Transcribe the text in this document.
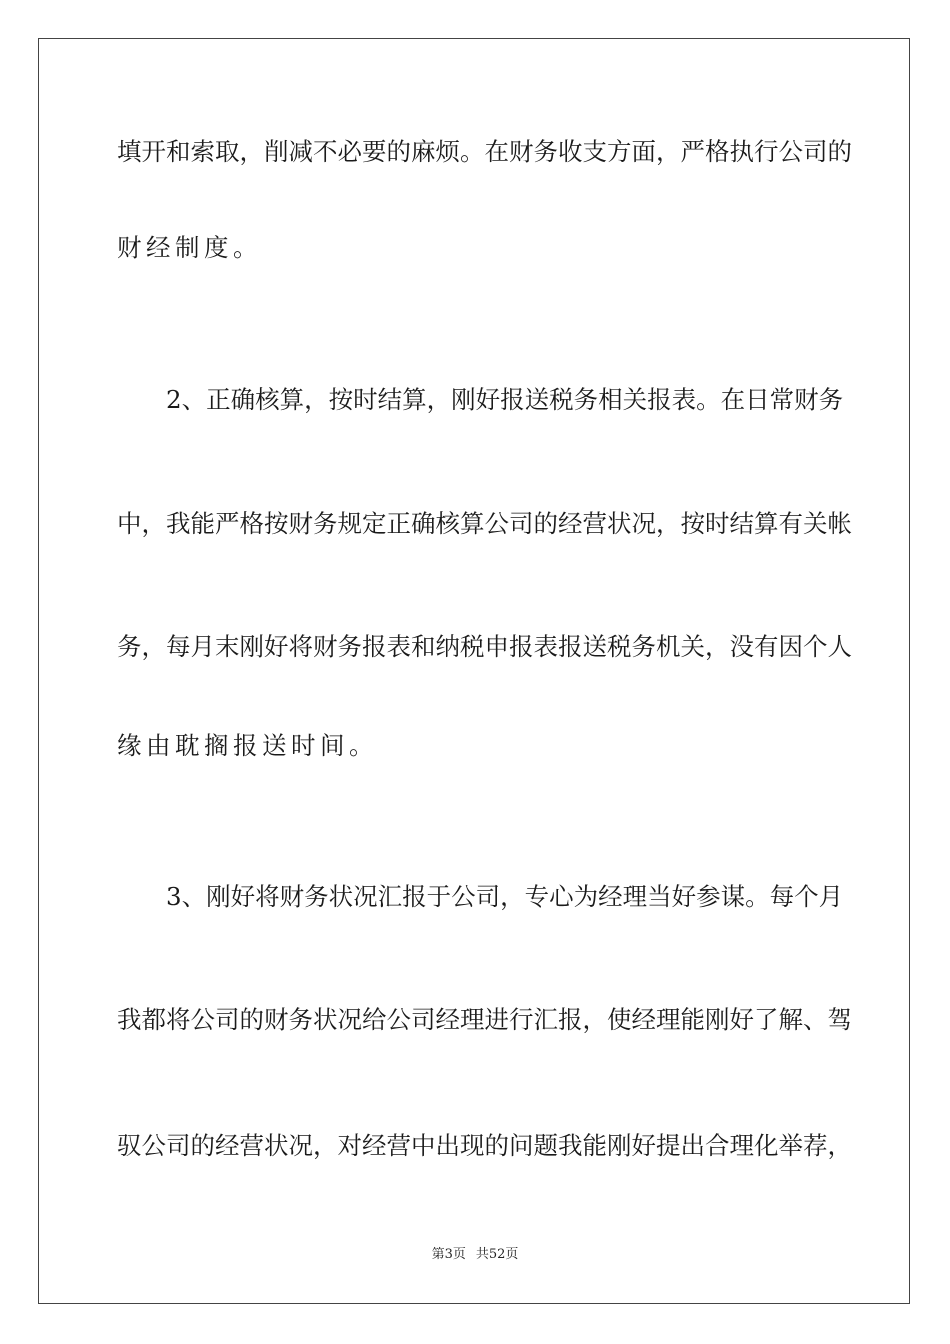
填开和索取，削减不必要的麻烦。在财务收支方面，严格执行公司的
财经制度。
　　2、正确核算，按时结算，刚好报送税务相关报表。在日常财务
中，我能严格按财务规定正确核算公司的经营状况，按时结算有关帐
务，每月末刚好将财务报表和纳税申报表报送税务机关，没有因个人
缘由耽搁报送时间。
　　3、刚好将财务状况汇报于公司，专心为经理当好参谋。每个月
我都将公司的财务状况给公司经理进行汇报，使经理能刚好了解、驾
驭公司的经营状况，对经营中出现的问题我能刚好提出合理化举荐，
第3页 共52页
